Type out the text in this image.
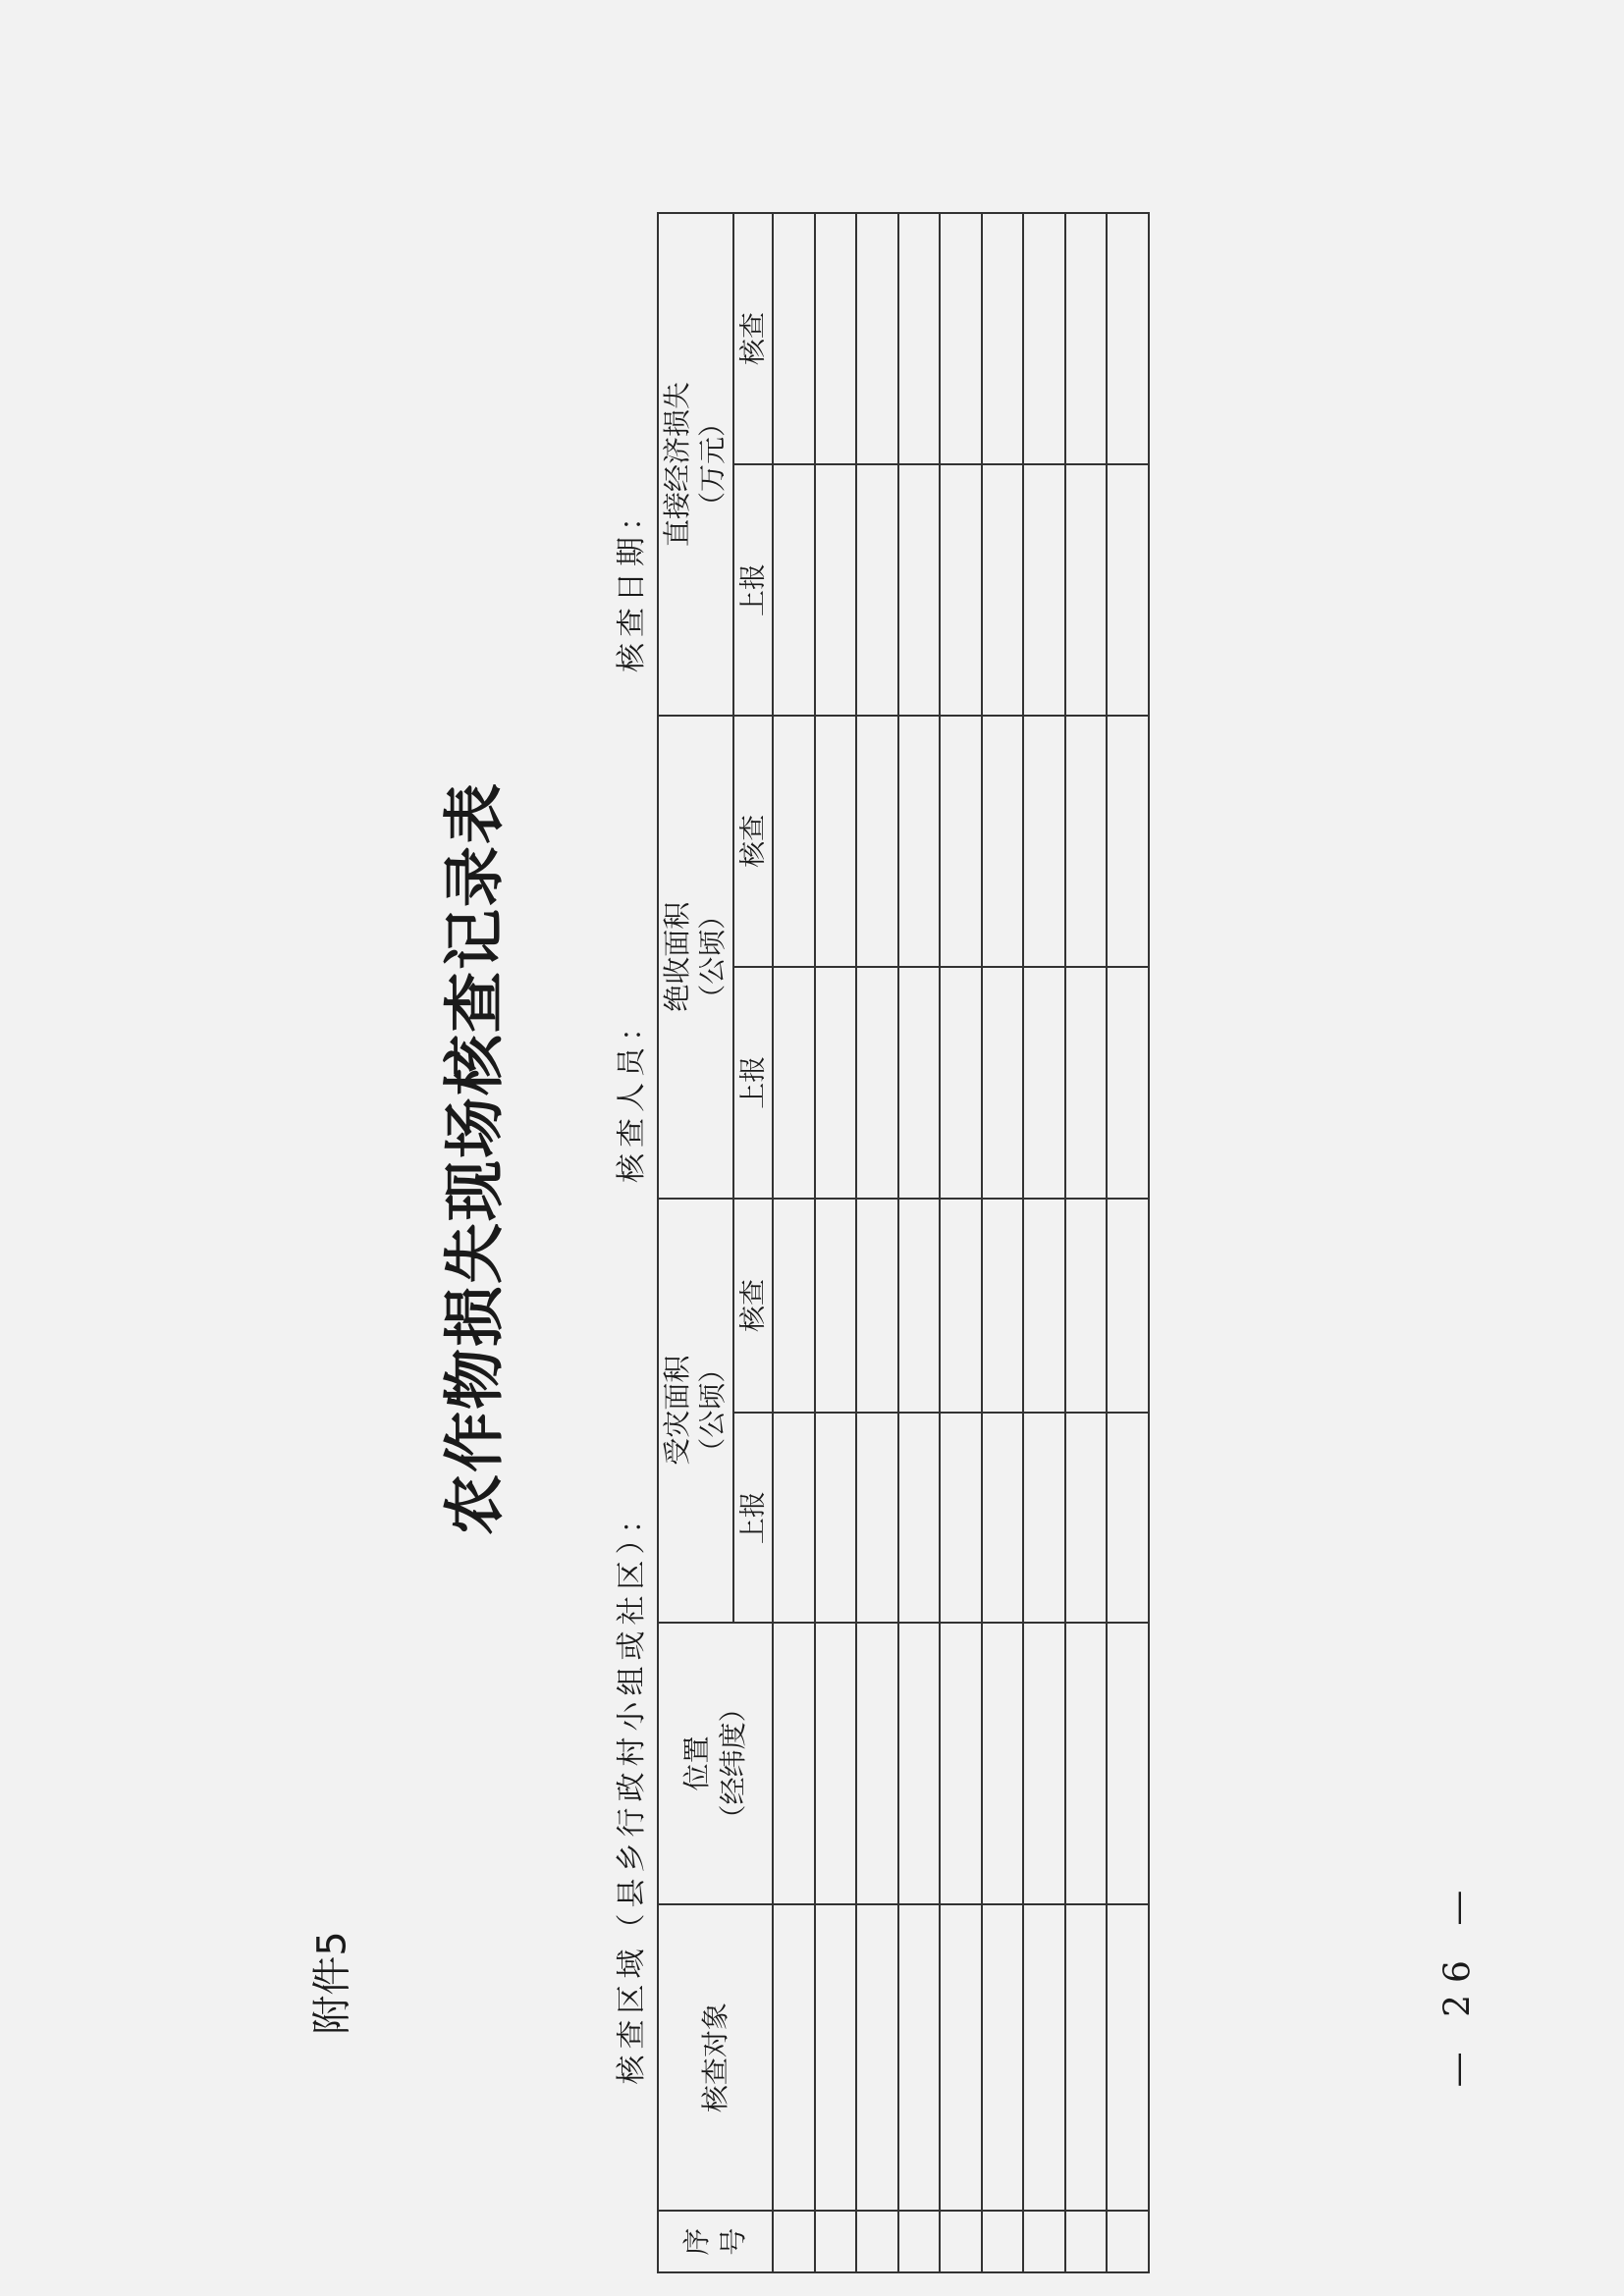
附件5
农作物损失现场核查记录表
核查区域（县乡行政村小组或社区）：
核查人员：
核查日期：
序 号	核查对象	位置 （经纬度）	受灾面积 （公顷）		绝收面积 （公顷）		直接经济损失 （万元）	

			上报	核查	上报	核查	上报	核查

— 26 —
